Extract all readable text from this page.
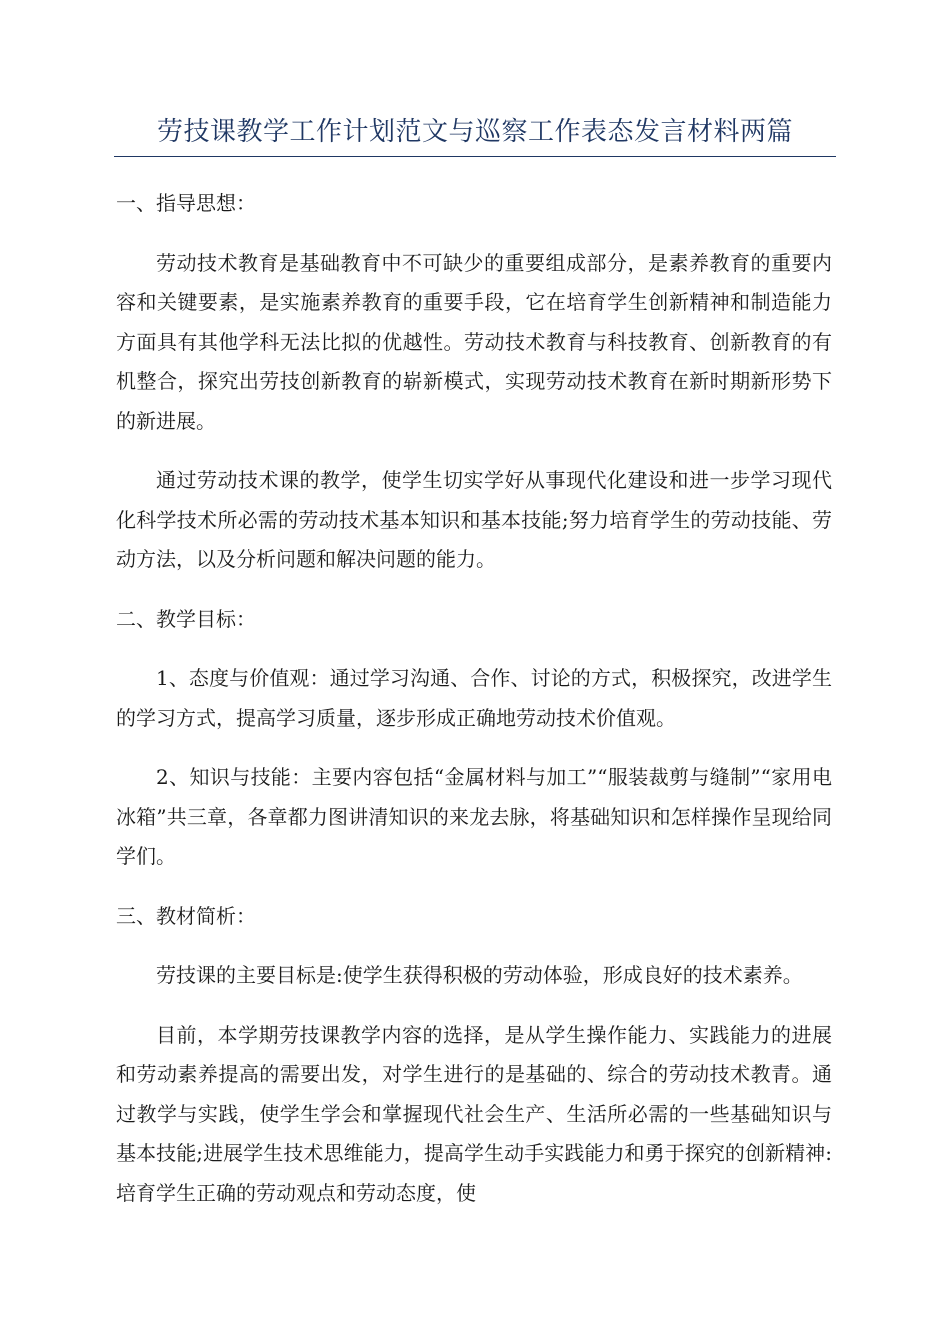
劳技课教学工作计划范文与巡察工作表态发言材料两篇
一、指导思想：

劳动技术教育是基础教育中不可缺少的重要组成部分，是素养教育的重要内容和关键要素，是实施素养教育的重要手段，它在培育学生创新精神和制造能力方面具有其他学科无法比拟的优越性。劳动技术教育与科技教育、创新教育的有机整合，探究出劳技创新教育的崭新模式，实现劳动技术教育在新时期新形势下的新进展。

通过劳动技术课的教学，使学生切实学好从事现代化建设和进一步学习现代化科学技术所必需的劳动技术基本知识和基本技能;努力培育学生的劳动技能、劳动方法，以及分析问题和解决问题的能力。

二、教学目标：

1、态度与价值观：通过学习沟通、合作、讨论的方式，积极探究，改进学生的学习方式，提高学习质量，逐步形成正确地劳动技术价值观。

2、知识与技能：主要内容包括“金属材料与加工”“服装裁剪与缝制”“家用电冰箱”共三章，各章都力图讲清知识的来龙去脉，将基础知识和怎样操作呈现给同学们。

三、教材简析：

劳技课的主要目标是:使学生获得积极的劳动体验，形成良好的技术素养。

目前，本学期劳技课教学内容的选择，是从学生操作能力、实践能力的进展和劳动素养提高的需要出发，对学生进行的是基础的、综合的劳动技术教青。通过教学与实践，使学生学会和掌握现代社会生产、生活所必需的一些基础知识与基本技能;进展学生技术思维能力，提高学生动手实践能力和勇于探究的创新精神:培育学生正确的劳动观点和劳动态度，使
